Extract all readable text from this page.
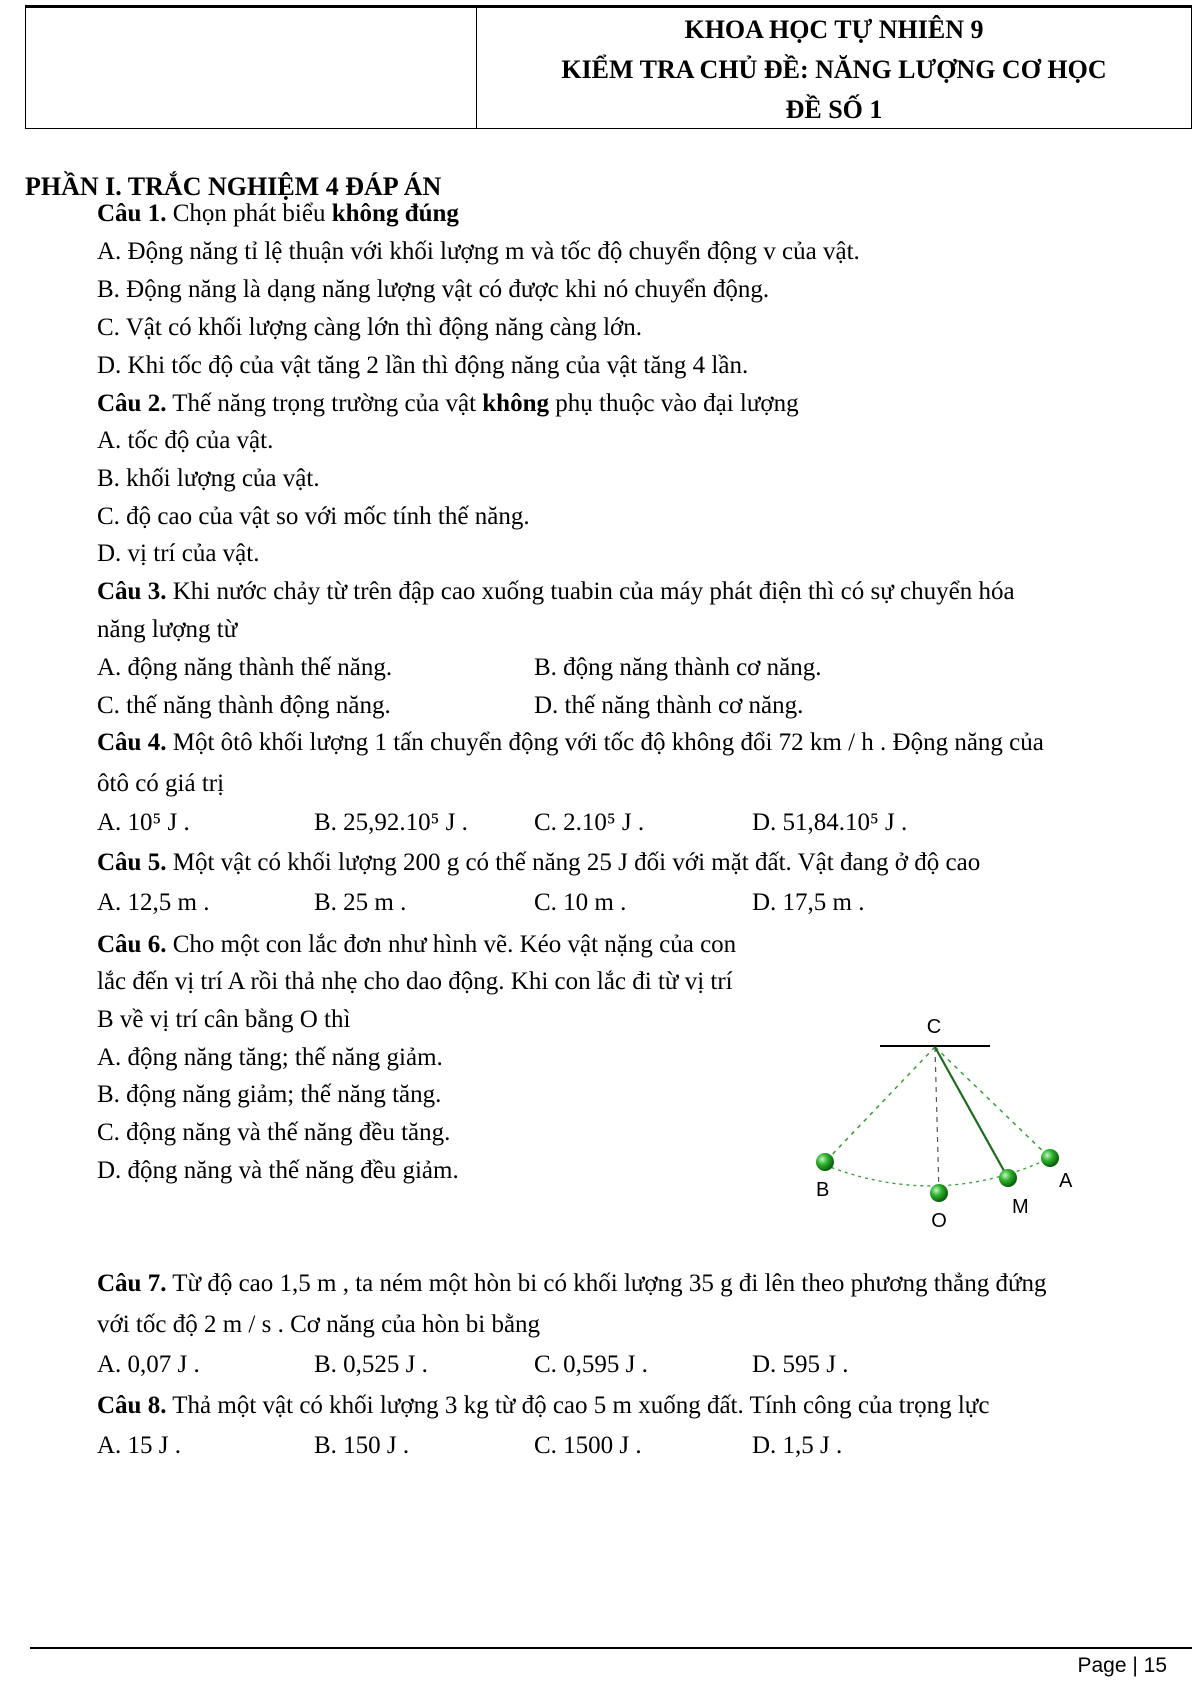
KHOA HỌC TỰ NHIÊN 9
KIỂM TRA CHỦ ĐỀ: NĂNG LƯỢNG CƠ HỌC
ĐỀ SỐ 1
PHẦN I. TRẮC NGHIỆM 4 ĐÁP ÁN
Câu 1. Chọn phát biểu không đúng
A. Động năng tỉ lệ thuận với khối lượng m và tốc độ chuyển động v của vật.
B. Động năng là dạng năng lượng vật có được khi nó chuyển động.
C. Vật có khối lượng càng lớn thì động năng càng lớn.
D. Khi tốc độ của vật tăng 2 lần thì động năng của vật tăng 4 lần.
Câu 2. Thế năng trọng trường của vật không phụ thuộc vào đại lượng
A. tốc độ của vật.
B. khối lượng của vật.
C. độ cao của vật so với mốc tính thế năng.
D. vị trí của vật.
Câu 3. Khi nước chảy từ trên đập cao xuống tuabin của máy phát điện thì có sự chuyển hóa
năng lượng từ
A. động năng thành thế năng.	B. động năng thành cơ năng.
C. thế năng thành động năng.	D. thế năng thành cơ năng.
Câu 4. Một ôtô khối lượng 1 tấn chuyển động với tốc độ không đổi 72 km / h . Động năng của
ôtô có giá trị
A. 10⁵ J .	B. 25,92.10⁵ J .	C. 2.10⁵ J .	D. 51,84.10⁵ J .
Câu 5. Một vật có khối lượng 200 g có thế năng 25 J đối với mặt đất. Vật đang ở độ cao
A. 12,5 m .	B. 25 m .	C. 10 m .	D. 17,5 m .
Câu 6. Cho một con lắc đơn như hình vẽ. Kéo vật nặng của con
lắc đến vị trí A rồi thả nhẹ cho dao động. Khi con lắc đi từ vị trí
B về vị trí cân bằng O thì
A. động năng tăng; thế năng giảm.
B. động năng giảm; thế năng tăng.
C. động năng và thế năng đều tăng.
D. động năng và thế năng đều giảm.
C
B	A
O
M
Câu 7. Từ độ cao 1,5 m , ta ném một hòn bi có khối lượng 35 g đi lên theo phương thẳng đứng
với tốc độ 2 m / s . Cơ năng của hòn bi bằng
A. 0,07 J .	B. 0,525 J .	C. 0,595 J .	D. 595 J .
Câu 8. Thả một vật có khối lượng 3 kg từ độ cao 5 m xuống đất. Tính công của trọng lực
A. 15 J .	B. 150 J .	C. 1500 J .	D. 1,5 J .
Page | 15
